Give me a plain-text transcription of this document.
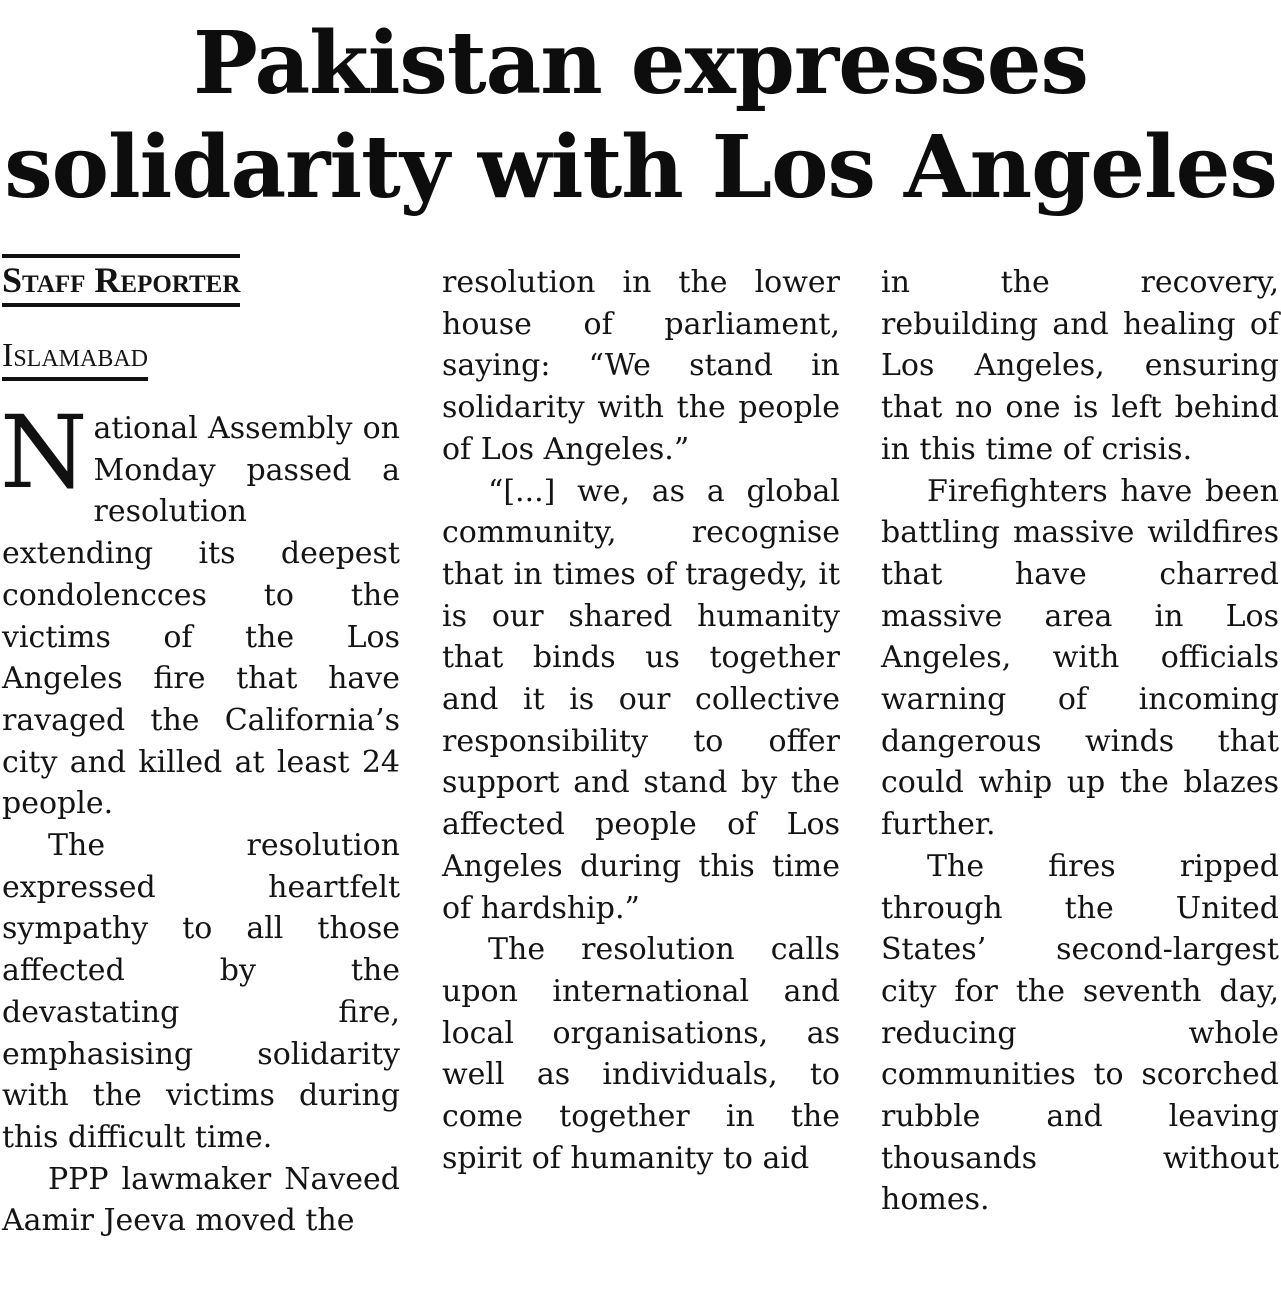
Pakistan expresses solidarity with Los Angeles
Staff Reporter
Islamabad

National Assembly on Monday passed a resolution extending its deepest condolencces to the victims of the Los Angeles fire that have ravaged the California’s city and killed at least 24 people.

The resolution expressed heartfelt sympathy to all those affected by the devastating fire, emphasising solidarity with the victims during this difficult time.

PPP lawmaker Naveed Aamir Jeeva moved the

resolution in the lower house of parliament, saying: “We stand in solidarity with the people of Los Angeles.”

“[...] we, as a global community, recognise that in times of tragedy, it is our shared humanity that binds us together and it is our collective responsibility to offer support and stand by the affected people of Los Angeles during this time of hardship.”

The resolution calls upon international and local organisations, as well as individuals, to come together in the spirit of humanity to aid

in the recovery, rebuilding and healing of Los Angeles, ensuring that no one is left behind in this time of crisis.

Firefighters have been battling massive wildfires that have charred massive area in Los Angeles, with officials warning of incoming dangerous winds that could whip up the blazes further.

The fires ripped through the United States’ second-largest city for the seventh day, reducing whole communities to scorched rubble and leaving thousands without homes.
